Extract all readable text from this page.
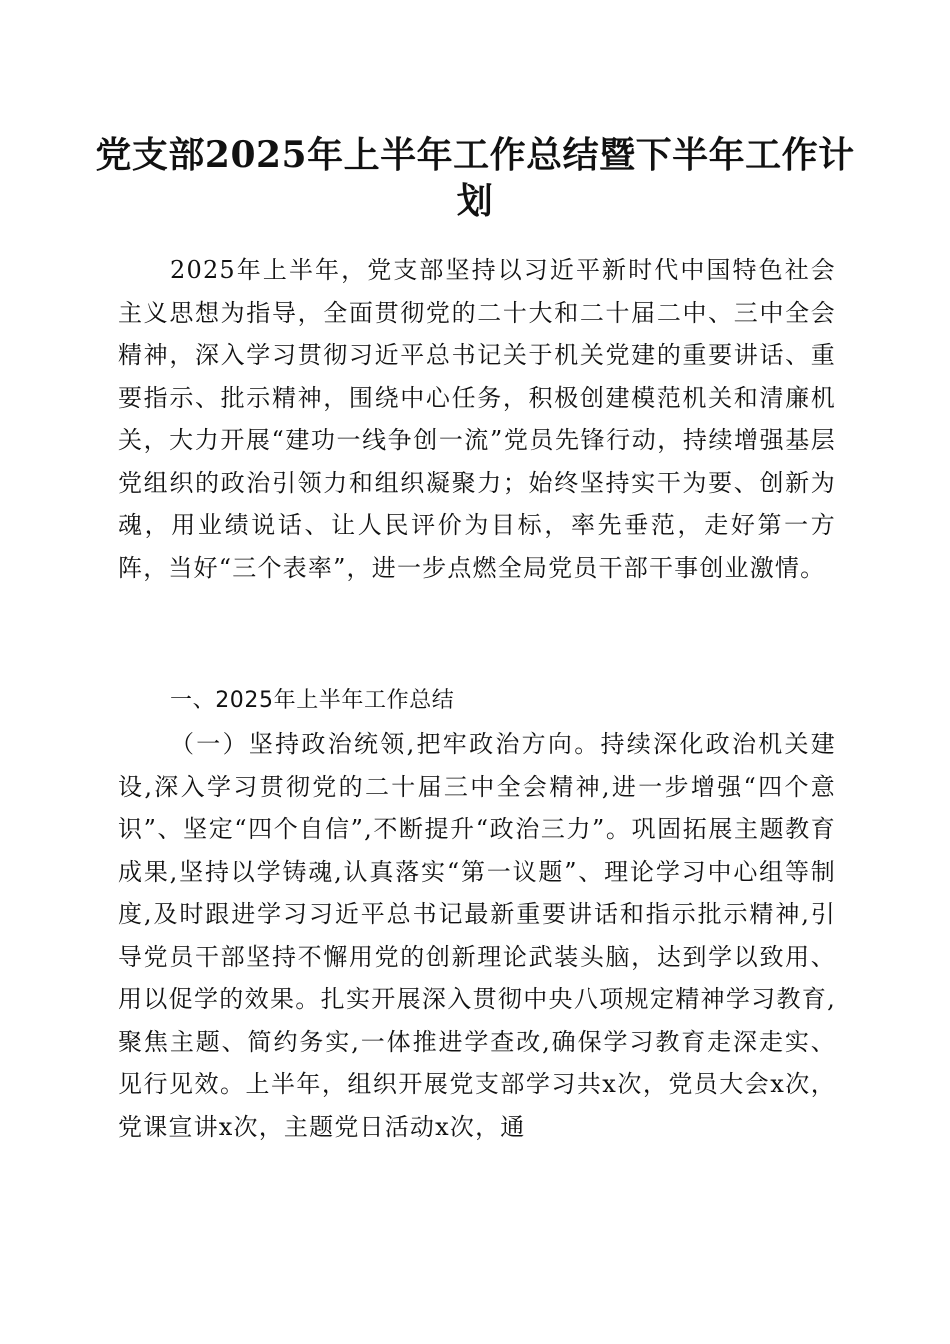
党支部2025年上半年工作总结暨下半年工作计划

2025年上半年，党支部坚持以习近平新时代中国特色社会主义思想为指导，全面贯彻党的二十大和二十届二中、三中全会精神，深入学习贯彻习近平总书记关于机关党建的重要讲话、重要指示、批示精神，围绕中心任务，积极创建模范机关和清廉机关，大力开展“建功一线争创一流”党员先锋行动，持续增强基层党组织的政治引领力和组织凝聚力；始终坚持实干为要、创新为魂，用业绩说话、让人民评价为目标，率先垂范，走好第一方阵，当好“三个表率”，进一步点燃全局党员干部干事创业激情。

一、2025年上半年工作总结

（一）坚持政治统领,把牢政治方向。持续深化政治机关建设,深入学习贯彻党的二十届三中全会精神,进一步增强“四个意识”、坚定“四个自信”,不断提升“政治三力”。巩固拓展主题教育成果,坚持以学铸魂,认真落实“第一议题”、理论学习中心组等制度,及时跟进学习习近平总书记最新重要讲话和指示批示精神,引导党员干部坚持不懈用党的创新理论武装头脑，达到学以致用、用以促学的效果。扎实开展深入贯彻中央八项规定精神学习教育,聚焦主题、简约务实,一体推进学查改,确保学习教育走深走实、见行见效。上半年，组织开展党支部学习共x次，党员大会x次，党课宣讲x次，主题党日活动x次，通
